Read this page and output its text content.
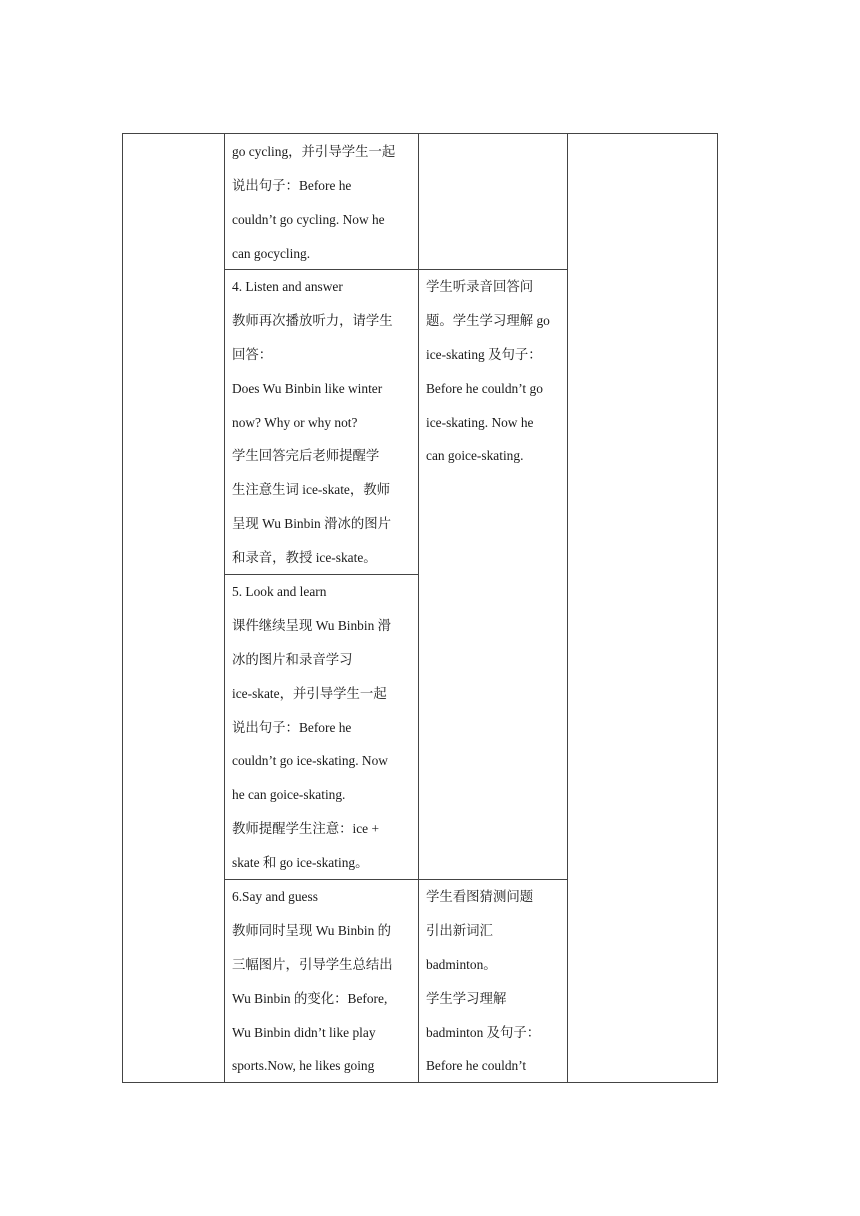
go cycling，并引导学生一起
说出句子：Before he
couldn’t go cycling. Now he
can gocycling.
4. Listen and answer
教师再次播放听力，请学生
回答：
Does Wu Binbin like winter
now? Why or why not?
学生回答完后老师提醒学
生注意生词 ice-skate，教师
呈现 Wu Binbin 滑冰的图片
和录音，教授 ice-skate。
学生听录音回答问
题。学生学习理解 go
ice-skating 及句子：
Before he couldn’t go
ice-skating. Now he
can goice-skating.
5. Look and learn
课件继续呈现 Wu Binbin 滑
冰的图片和录音学习
ice-skate，并引导学生一起
说出句子：Before he
couldn’t go ice-skating. Now
he can goice-skating.
教师提醒学生注意：ice +
skate 和 go ice-skating。
6.Say and guess
教师同时呈现 Wu Binbin 的
三幅图片，引导学生总结出
Wu Binbin 的变化：Before,
Wu Binbin didn’t like play
sports.Now, he likes going
学生看图猜测问题
引出新词汇
badminton。
学生学习理解
badminton 及句子：
Before he couldn’t
